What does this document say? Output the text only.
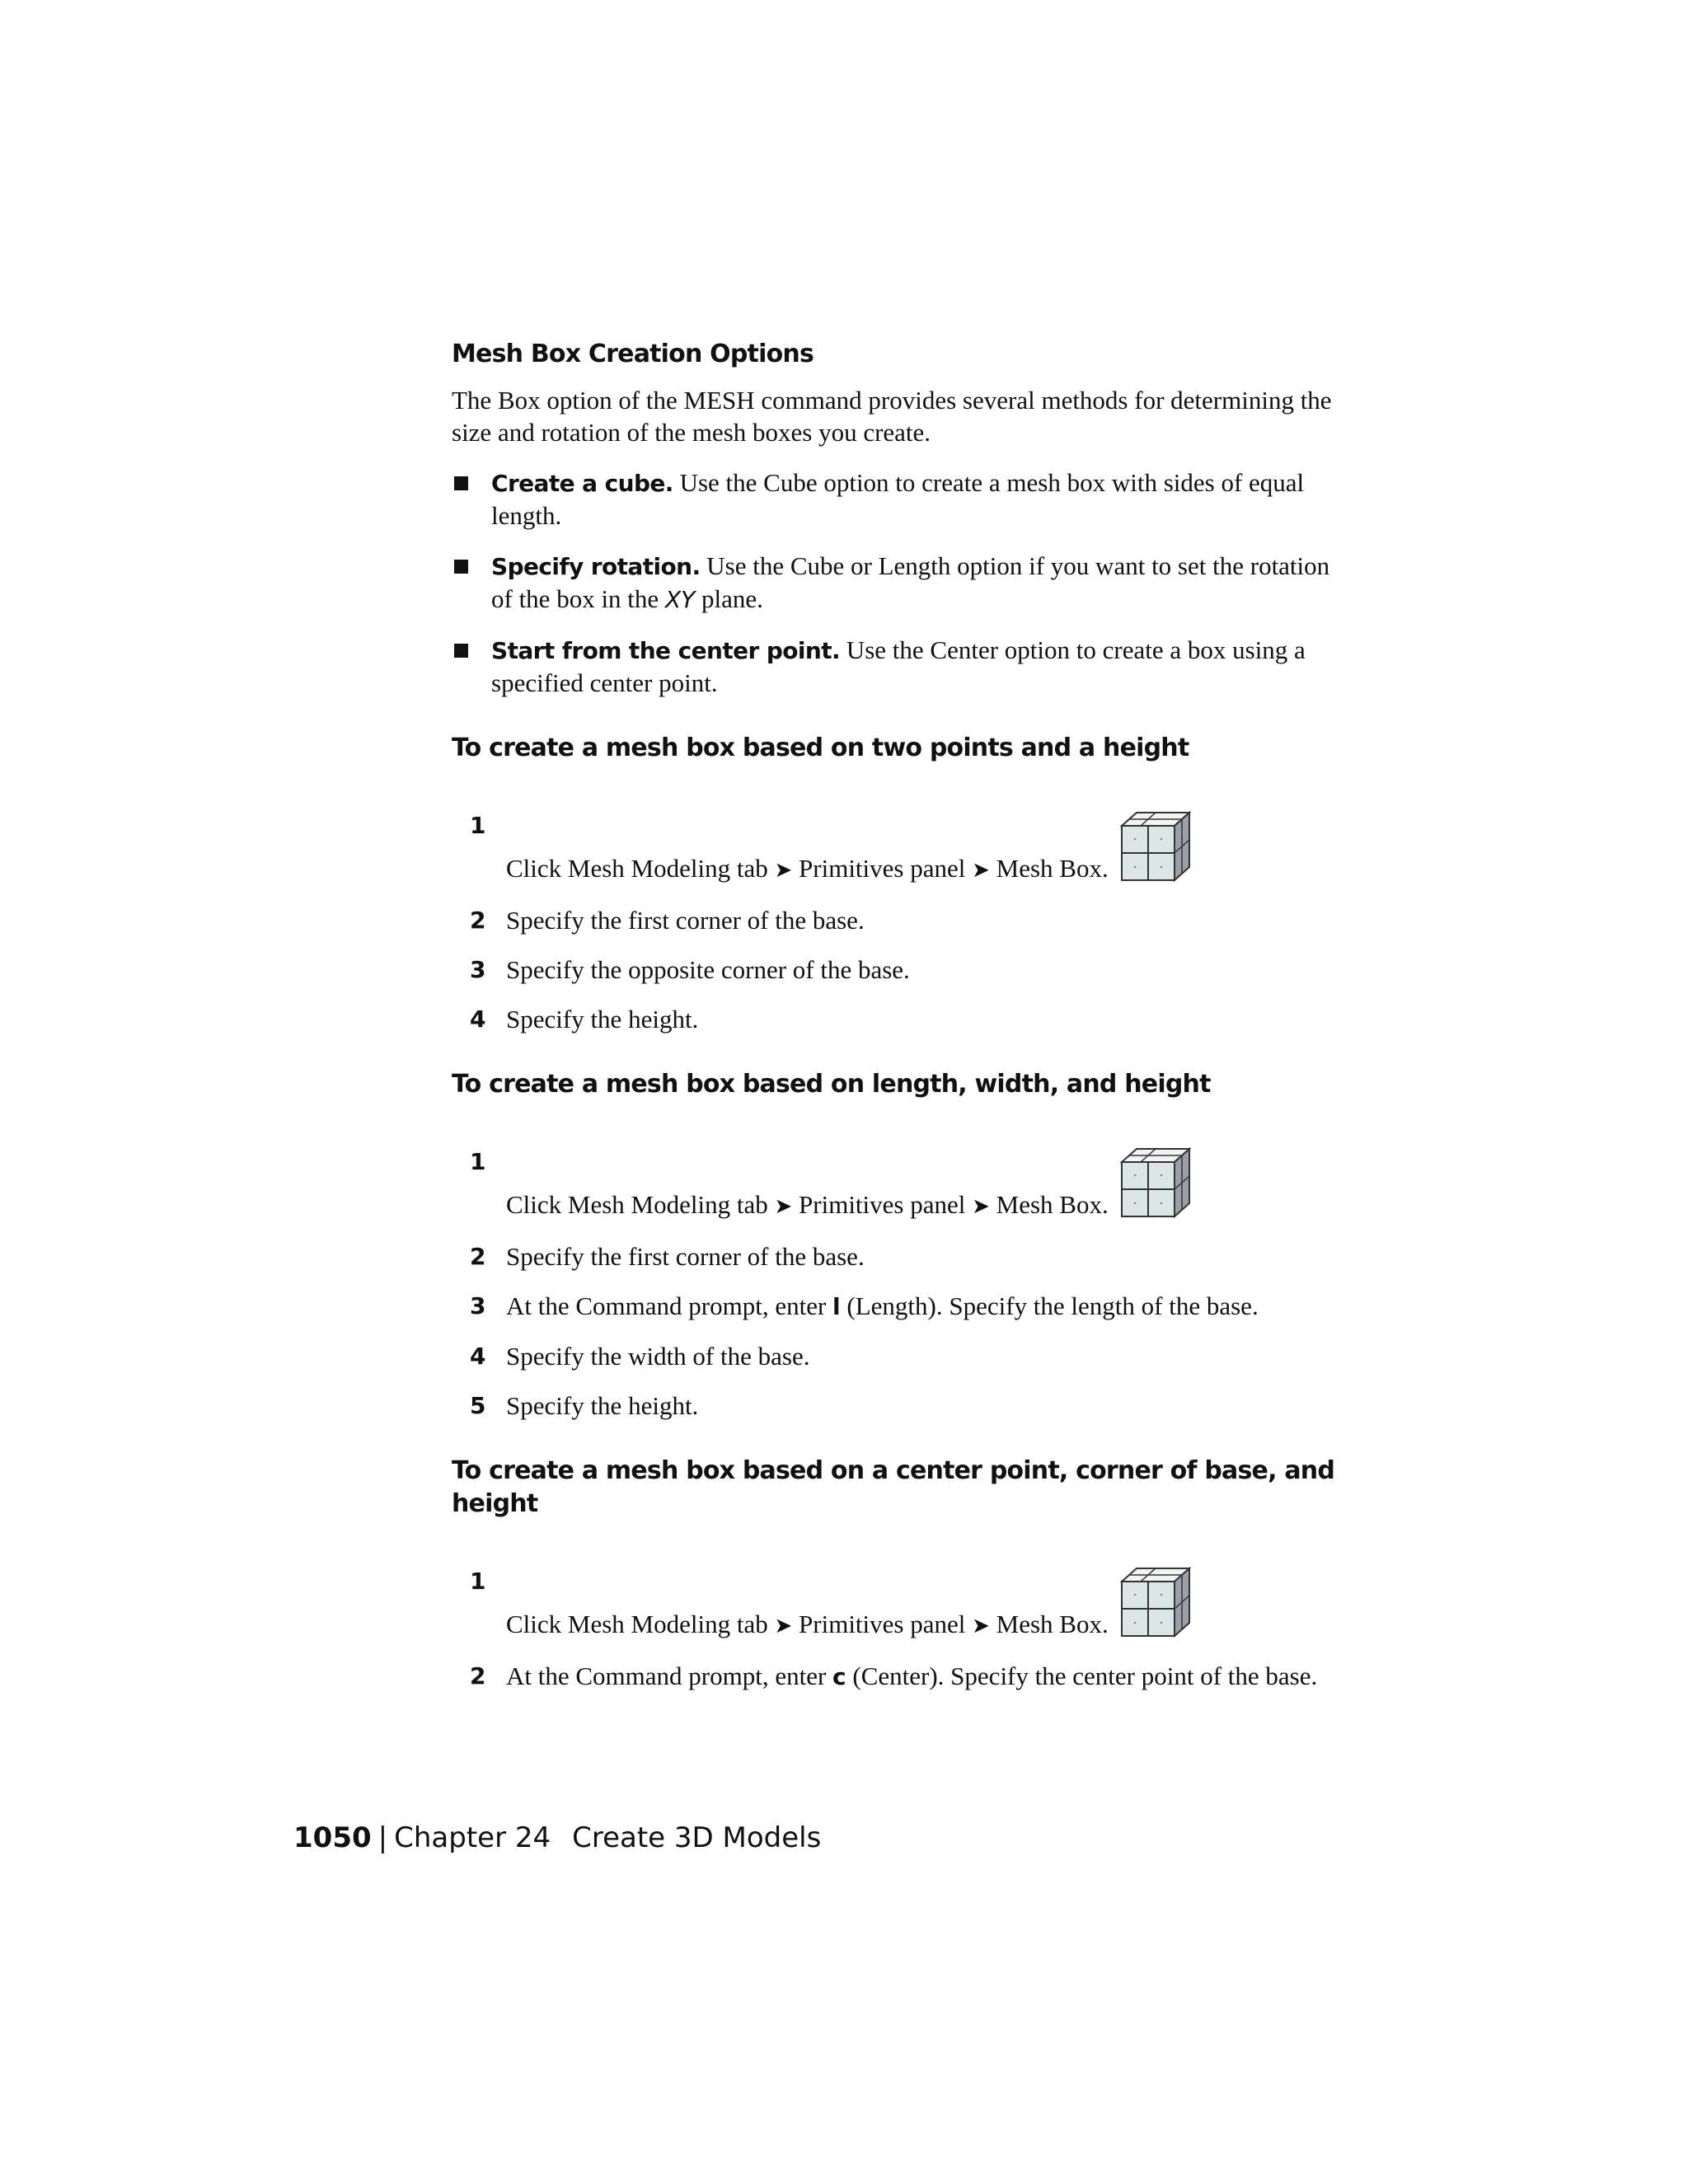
Mesh Box Creation Options

The Box option of the MESH command provides several methods for determining the size and rotation of the mesh boxes you create.

Create a cube. Use the Cube option to create a mesh box with sides of equal length.
Specify rotation. Use the Cube or Length option if you want to set the rotation of the box in the XY plane.
Start from the center point. Use the Center option to create a box using a specified center point.
To create a mesh box based on two points and a height
1
Click Mesh Modeling tab ➤ Primitives panel ➤ Mesh Box.
2 Specify the first corner of the base.
3 Specify the opposite corner of the base.
4 Specify the height.
To create a mesh box based on length, width, and height
1
Click Mesh Modeling tab ➤ Primitives panel ➤ Mesh Box.
2 Specify the first corner of the base.
3 At the Command prompt, enter l (Length). Specify the length of the base.
4 Specify the width of the base.
5 Specify the height.
To create a mesh box based on a center point, corner of base, and height
1
Click Mesh Modeling tab ➤ Primitives panel ➤ Mesh Box.
2 At the Command prompt, enter c (Center). Specify the center point of the base.
1050 | Chapter 24 Create 3D Models
